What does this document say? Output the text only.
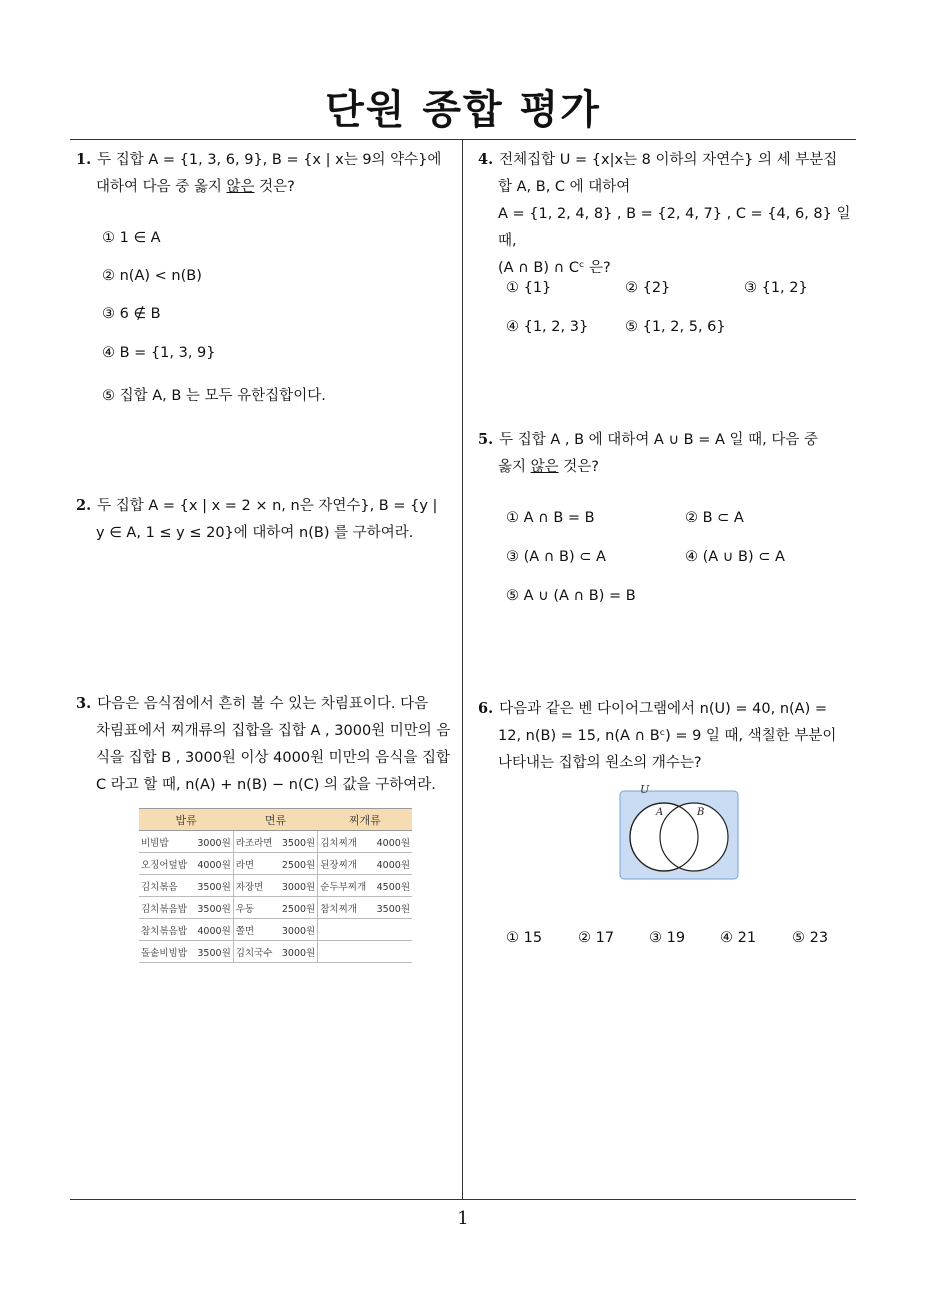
단원 종합 평가
1. 두 집합 A = {1, 3, 6, 9}, B = {x | x는 9의 약수}에
대하여 다음 중 옳지 않은 것은?
① 1 ∈ A
② n(A) < n(B)
③ 6 ∉ B
④ B = {1, 3, 9}
⑤ 집합 A, B 는 모두 유한집합이다.
2. 두 집합 A = {x | x = 2 × n, n은 자연수}, B = {y |
y ∈ A, 1 ≤ y ≤ 20}에 대하여 n(B) 를 구하여라.
3. 다음은 음식점에서 흔히 볼 수 있는 차림표이다. 다음
차림표에서 찌개류의 집합을 집합 A , 3000원 미만의 음
식을 집합 B , 3000원 이상 4000원 미만의 음식을 집합
C 라고 할 때, n(A) + n(B) − n(C) 의 값을 구하여라.
밥류	면류	찌개류
비빔밥 3000원	라조라면 3500원	김치찌개 4000원

오징어덮밥 4000원	라면 2500원	된장찌개 4000원

김치볶음 3500원	자장면 3000원	순두부찌개 4500원

김치볶음밥 3500원	우동 2500원	참치찌개 3500원

참치볶음밥 4000원	쫄면 3000원	

돌솥비빔밥 3500원	김치국수 3000원	

4. 전체집합 U = {x|x는 8 이하의 자연수} 의 세 부분집
합 A, B, C 에 대하여
A = {1, 2, 4, 8} , B = {2, 4, 7} , C = {4, 6, 8} 일 때,
(A ∩ B) ∩ Cᶜ 은?
① {1}	② {2}	③ {1, 2}
④ {1, 2, 3}	⑤ {1, 2, 5, 6}
5. 두 집합 A , B 에 대하여 A ∪ B = A 일 때, 다음 중
옳지 않은 것은?
① A ∩ B = B	② B ⊂ A
③ (A ∩ B) ⊂ A	④ (A ∪ B) ⊂ A
⑤ A ∪ (A ∩ B) = B
6. 다음과 같은 벤 다이어그램에서 n(U) = 40, n(A) =
12, n(B) = 15, n(A ∩ Bᶜ) = 9 일 때, 색칠한 부분이
나타내는 집합의 원소의 개수는?
U
A	B
① 15 ② 17 ③ 19 ④ 21 ⑤ 23
1
